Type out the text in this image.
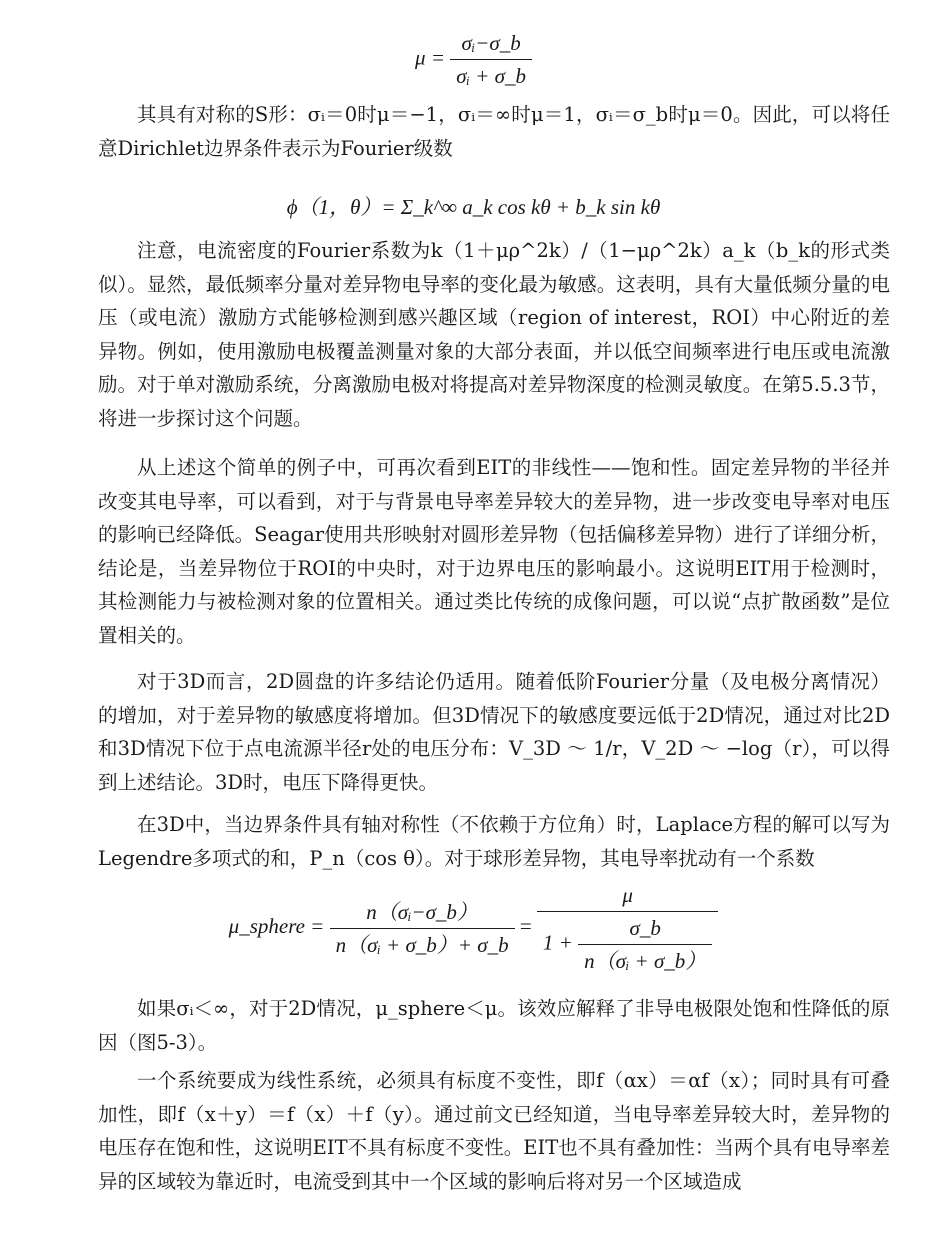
$\mu = \frac{\text{σᵢ−σ\_b}}{\text{σᵢ + σ\_b}}$

其具有对称的S形：σᵢ＝0时μ＝−1，σᵢ＝∞时μ＝1，σᵢ＝σ_b时μ＝0。因此，可以将任意Dirichlet边界条件表示为Fourier级数

ϕ（1，θ）= Σ_k^∞ a_k cos kθ + b_k sin kθ

注意，电流密度的Fourier系数为k（1＋μρ^2k）/（1−μρ^2k）a_k（b_k的形式类似）。显然，最低频率分量对差异物电导率的变化最为敏感。这表明，具有大量低频分量的电压（或电流）激励方式能够检测到感兴趣区域（region of interest，ROI）中心附近的差异物。例如，使用激励电极覆盖测量对象的大部分表面，并以低空间频率进行电压或电流激励。对于单对激励系统，分离激励电极对将提高对差异物深度的检测灵敏度。在第5.5.3节，将进一步探讨这个问题。

从上述这个简单的例子中，可再次看到EIT的非线性——饱和性。固定差异物的半径并改变其电导率，可以看到，对于与背景电导率差异较大的差异物，进一步改变电导率对电压的影响已经降低。Seagar使用共形映射对圆形差异物（包括偏移差异物）进行了详细分析，结论是，当差异物位于ROI的中央时，对于边界电压的影响最小。这说明EIT用于检测时，其检测能力与被检测对象的位置相关。通过类比传统的成像问题，可以说“点扩散函数”是位置相关的。

对于3D而言，2D圆盘的许多结论仍适用。随着低阶Fourier分量（及电极分离情况）的增加，对于差异物的敏感度将增加。但3D情况下的敏感度要远低于2D情况，通过对比2D和3D情况下位于点电流源半径r处的电压分布：V_3D ～ 1/r，V_2D ～ −log（r），可以得到上述结论。3D时，电压下降得更快。

在3D中，当边界条件具有轴对称性（不依赖于方位角）时，Laplace方程的解可以写为Legendre多项式的和，P_n（cos θ）。对于球形差异物，其电导率扰动有一个系数

μ_sphere = $\frac{\text{n（σᵢ−σ\_b）}}{\text{n（σᵢ + σ\_b）+ σ\_b}} = \frac{\mu}{1 + \frac{\sigma\_b}{\text{n（σᵢ + σ\_b）}}}$

如果σᵢ＜∞，对于2D情况，μ_sphere＜μ。该效应解释了非导电极限处饱和性降低的原因（图5-3）。

一个系统要成为线性系统，必须具有标度不变性，即f（αx）＝αf（x）；同时具有可叠加性，即f（x＋y）＝f（x）＋f（y）。通过前文已经知道，当电导率差异较大时，差异物的电压存在饱和性，这说明EIT不具有标度不变性。EIT也不具有叠加性：当两个具有电导率差异的区域较为靠近时，电流受到其中一个区域的影响后将对另一个区域造成
